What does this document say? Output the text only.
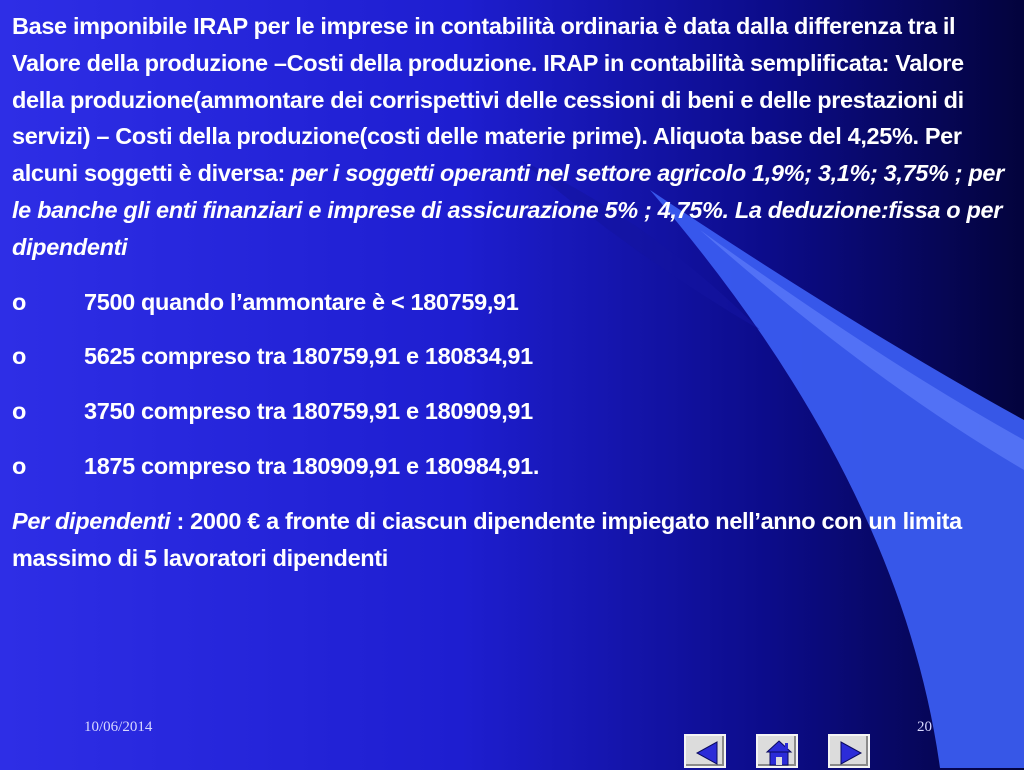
Base imponibile IRAP per le imprese in contabilità ordinaria è data dalla differenza tra il Valore della produzione –Costi della produzione. IRAP in contabilità semplificata: Valore della produzione(ammontare dei corrispettivi delle cessioni di beni e delle prestazioni di servizi) – Costi della produzione(costi delle materie prime). Aliquota base del 4,25%. Per alcuni soggetti è diversa: per i soggetti operanti nel settore agricolo 1,9%; 3,1%; 3,75% ; per le banche gli enti finanziari e imprese di assicurazione 5% ; 4,75%. La deduzione:fissa o per dipendenti

o	7500 quando l’ammontare è < 180759,91
o	5625 compreso tra 180759,91 e 180834,91
o	3750 compreso tra 180759,91 e 180909,91
o	1875 compreso tra 180909,91 e 180984,91.

Per dipendenti : 2000 € a fronte di ciascun dipendente impiegato nell’anno con un limita massimo di 5 lavoratori dipendenti

10/06/2014	20
